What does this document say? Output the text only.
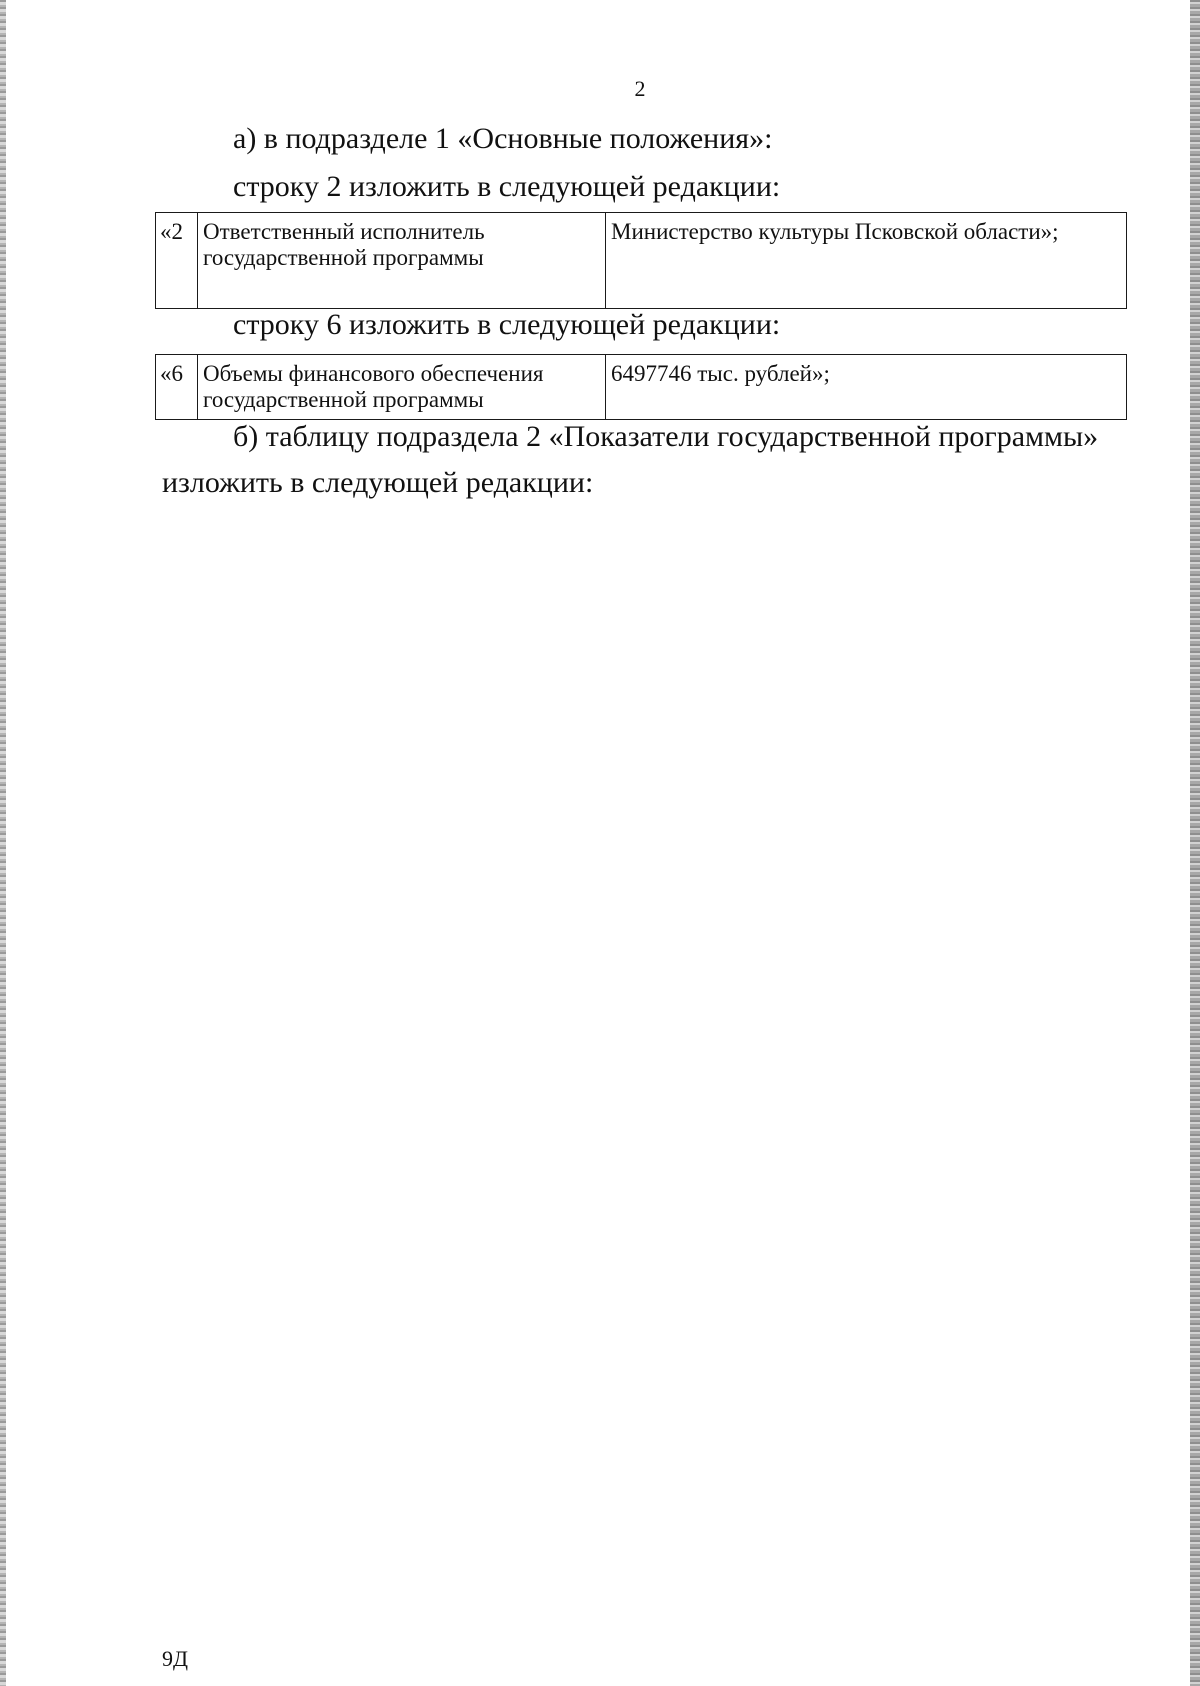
2
а) в подразделе 1 «Основные положения»:
строку 2 изложить в следующей редакции:
«2	Ответственный исполнитель государственной программы	Министерство культуры Псковской области»;
строку 6 изложить в следующей редакции:
«6	Объемы финансового обеспечения государственной программы	6497746 тыс. рублей»;
б) таблицу подраздела 2 «Показатели государственной программы»
изложить в следующей редакции:
9Д
